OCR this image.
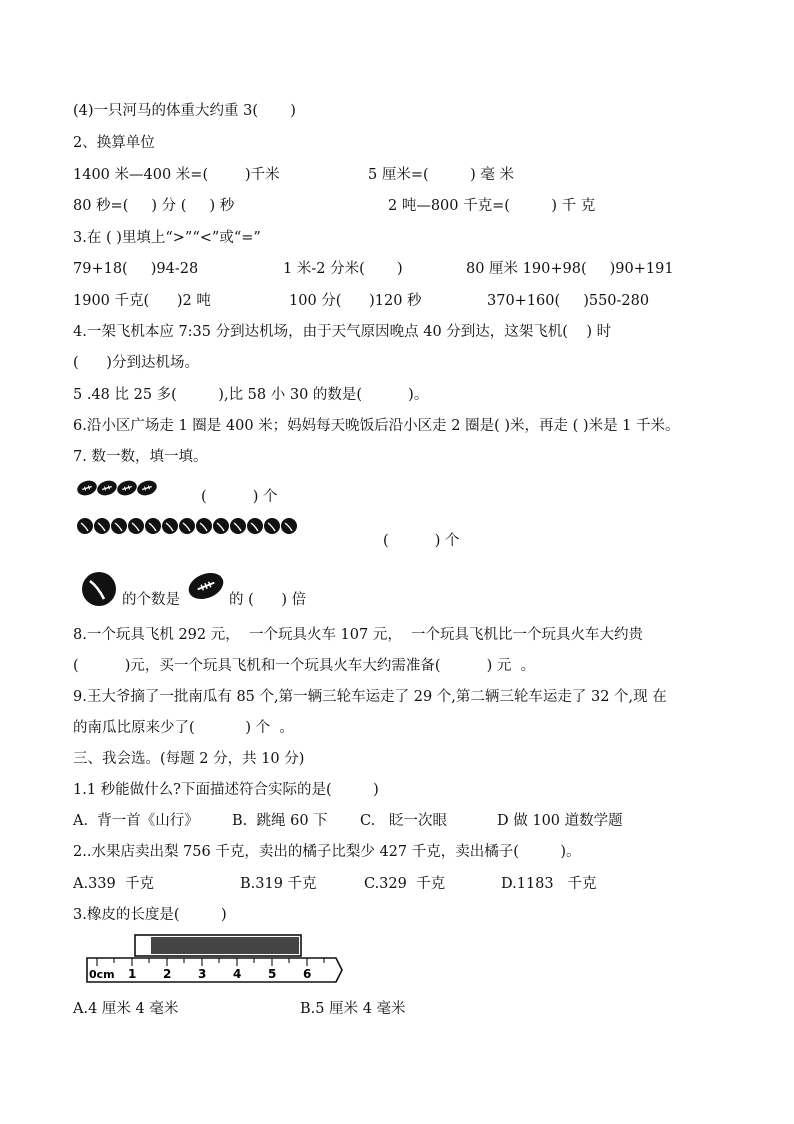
(4)一只河马的体重大约重 3(       )
2、换算单位
1400 米—400 米=(        )千米	5 厘米=(         ) 毫 米
80 秒=(     ) 分 (     ) 秒	2 吨—800 千克=(         ) 千 克
3.在 ( )里填上“>”“<”或“=”
79+18(     )94-28	1 米-2 分米(       )	80 厘米 190+98(     )90+191
1900 千克(      )2 吨	100 分(      )120 秒	370+160(     )550-280
4.一架飞机本应 7:35 分到达机场，由于天气原因晚点 40 分到达，这架飞机(    ) 时
(      )分到达机场。
5 .48 比 25 多(         ),比 58 小 30 的数是(          )。
6.沿小区广场走 1 圈是 400 米；妈妈每天晚饭后沿小区走 2 圈是( )米，再走 ( )米是 1 千米。
7. 数一数，填一填。
(          ) 个
(          ) 个
的个数是	的 (      ) 倍
8.一个玩具飞机 292 元，  一个玩具火车 107 元，  一个玩具飞机比一个玩具火车大约贵
(          )元，买一个玩具飞机和一个玩具火车大约需准备(          ) 元  。
9.王大爷摘了一批南瓜有 85 个,第一辆三轮车运走了 29 个,第二辆三轮车运走了 32 个,现 在
的南瓜比原来少了(           ) 个  。
三、我会选。(每题 2 分，共 10 分)
1.1 秒能做什么?下面描述符合实际的是(         )
A.  背一首《山行》 B.  跳绳 60 下 C.   眨一次眼	D 做 100 道数学题
2..水果店卖出梨 756 千克，卖出的橘子比梨少 427 千克，卖出橘子(         )。
A.339  千克	B.319 千克	C.329  千克	D.1183   千克
3.橡皮的长度是(         )
0cm 1 2 3 4 5 6
A.4 厘米 4 毫米	B.5 厘米 4 毫米
